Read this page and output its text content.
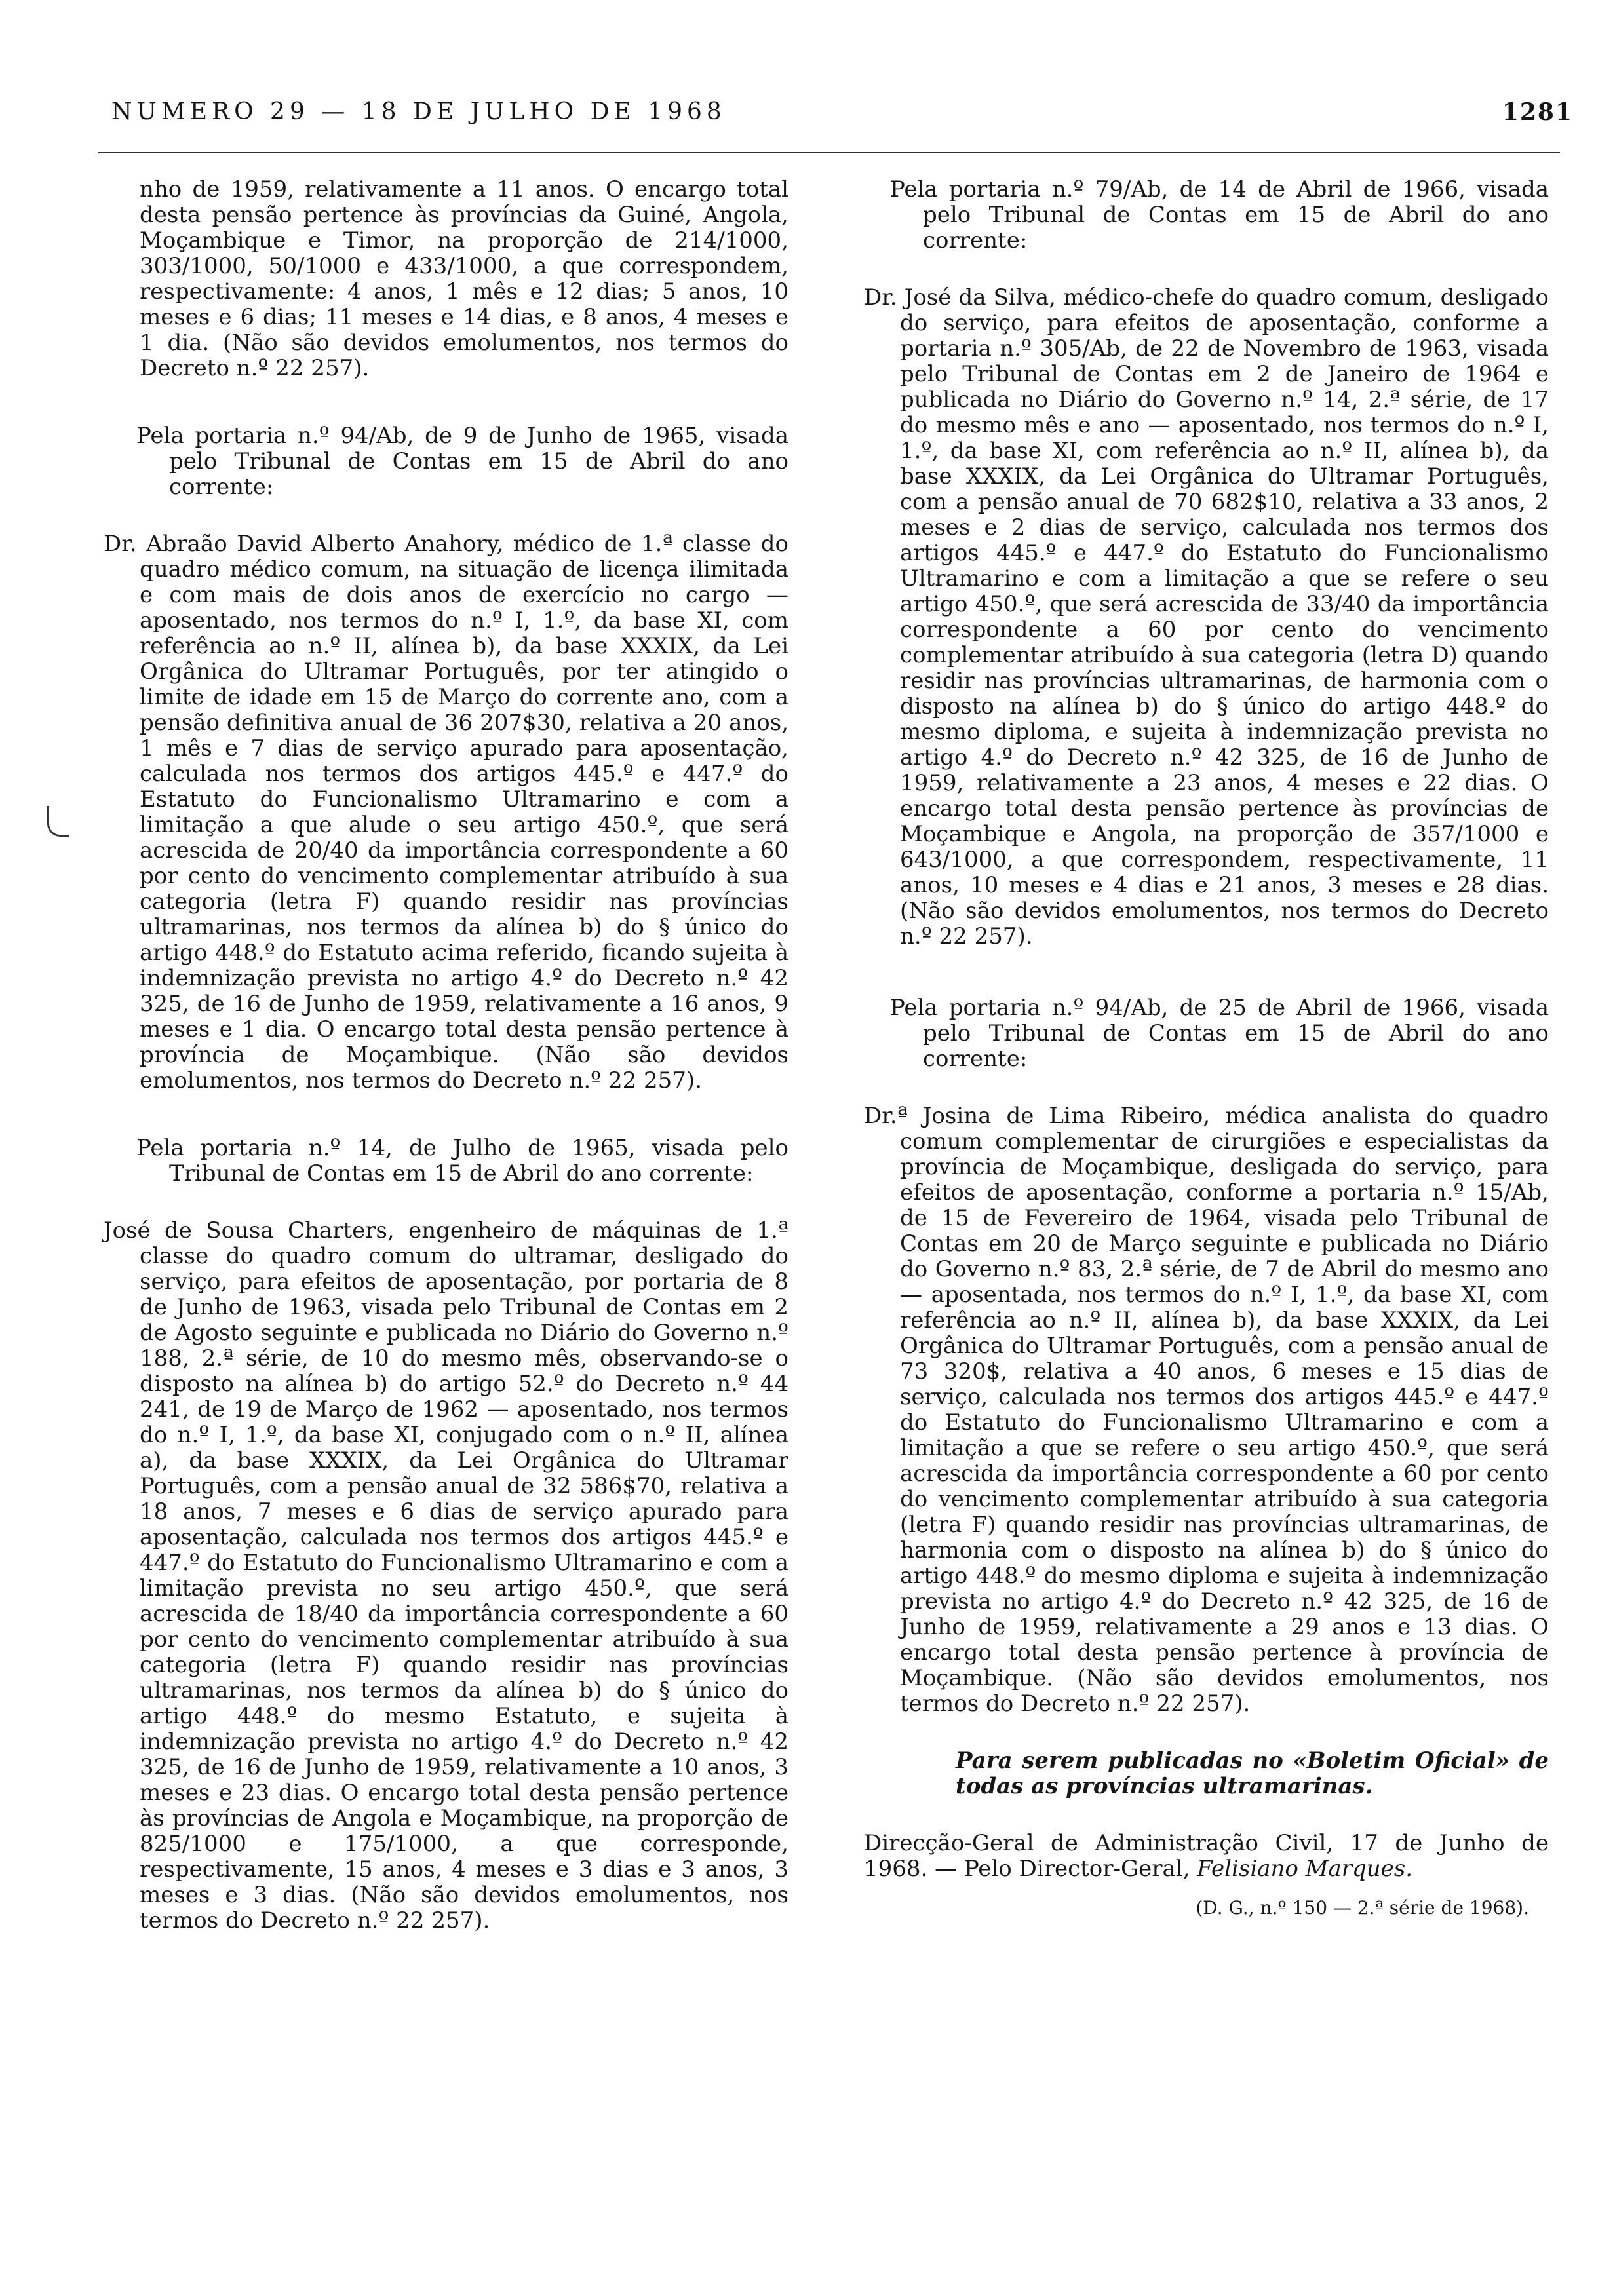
NUMERO 29 — 18 DE JULHO DE 1968	1281

nho de 1959, relativamente a 11 anos. O encargo total desta pensão pertence às províncias da Guiné, Angola, Moçambique e Timor, na proporção de 214/1000, 303/1000, 50/1000 e 433/1000, a que correspondem, respectivamente: 4 anos, 1 mês e 12 dias; 5 anos, 10 meses e 6 dias; 11 meses e 14 dias, e 8 anos, 4 meses e 1 dia. (Não são devidos emolumentos, nos termos do Decreto n.º 22 257).

Pela portaria n.º 94/Ab, de 9 de Junho de 1965, visada pelo Tribunal de Contas em 15 de Abril do ano corrente:

Dr. Abraão David Alberto Anahory, médico de 1.ª classe do quadro médico comum, na situação de licença ilimitada e com mais de dois anos de exercício no cargo — aposentado, nos termos do n.º I, 1.º, da base XI, com referência ao n.º II, alínea b), da base XXXIX, da Lei Orgânica do Ultramar Português, por ter atingido o limite de idade em 15 de Março do corrente ano, com a pensão definitiva anual de 36 207$30, relativa a 20 anos, 1 mês e 7 dias de serviço apurado para aposentação, calculada nos termos dos artigos 445.º e 447.º do Estatuto do Funcionalismo Ultramarino e com a limitação a que alude o seu artigo 450.º, que será acrescida de 20/40 da importância correspondente a 60 por cento do vencimento complementar atribuído à sua categoria (letra F) quando residir nas províncias ultramarinas, nos termos da alínea b) do § único do artigo 448.º do Estatuto acima referido, ficando sujeita à indemnização prevista no artigo 4.º do Decreto n.º 42 325, de 16 de Junho de 1959, relativamente a 16 anos, 9 meses e 1 dia. O encargo total desta pensão pertence à província de Moçambique. (Não são devidos emolumentos, nos termos do Decreto n.º 22 257).

Pela portaria n.º 14, de Julho de 1965, visada pelo Tribunal de Contas em 15 de Abril do ano corrente:

José de Sousa Charters, engenheiro de máquinas de 1.ª classe do quadro comum do ultramar, desligado do serviço, para efeitos de aposentação, por portaria de 8 de Junho de 1963, visada pelo Tribunal de Contas em 2 de Agosto seguinte e publicada no Diário do Governo n.º 188, 2.ª série, de 10 do mesmo mês, observando-se o disposto na alínea b) do artigo 52.º do Decreto n.º 44 241, de 19 de Março de 1962 — aposentado, nos termos do n.º I, 1.º, da base XI, conjugado com o n.º II, alínea a), da base XXXIX, da Lei Orgânica do Ultramar Português, com a pensão anual de 32 586$70, relativa a 18 anos, 7 meses e 6 dias de serviço apurado para aposentação, calculada nos termos dos artigos 445.º e 447.º do Estatuto do Funcionalismo Ultramarino e com a limitação prevista no seu artigo 450.º, que será acrescida de 18/40 da importância correspondente a 60 por cento do vencimento complementar atribuído à sua categoria (letra F) quando residir nas províncias ultramarinas, nos termos da alínea b) do § único do artigo 448.º do mesmo Estatuto, e sujeita à indemnização prevista no artigo 4.º do Decreto n.º 42 325, de 16 de Junho de 1959, relativamente a 10 anos, 3 meses e 23 dias. O encargo total desta pensão pertence às províncias de Angola e Moçambique, na proporção de 825/1000 e 175/1000, a que corresponde, respectivamente, 15 anos, 4 meses e 3 dias e 3 anos, 3 meses e 3 dias. (Não são devidos emolumentos, nos termos do Decreto n.º 22 257).

Pela portaria n.º 79/Ab, de 14 de Abril de 1966, visada pelo Tribunal de Contas em 15 de Abril do ano corrente:

Dr. José da Silva, médico-chefe do quadro comum, desligado do serviço, para efeitos de aposentação, conforme a portaria n.º 305/Ab, de 22 de Novembro de 1963, visada pelo Tribunal de Contas em 2 de Janeiro de 1964 e publicada no Diário do Governo n.º 14, 2.ª série, de 17 do mesmo mês e ano — aposentado, nos termos do n.º I, 1.º, da base XI, com referência ao n.º II, alínea b), da base XXXIX, da Lei Orgânica do Ultramar Português, com a pensão anual de 70 682$10, relativa a 33 anos, 2 meses e 2 dias de serviço, calculada nos termos dos artigos 445.º e 447.º do Estatuto do Funcionalismo Ultramarino e com a limitação a que se refere o seu artigo 450.º, que será acrescida de 33/40 da importância correspondente a 60 por cento do vencimento complementar atribuído à sua categoria (letra D) quando residir nas províncias ultramarinas, de harmonia com o disposto na alínea b) do § único do artigo 448.º do mesmo diploma, e sujeita à indemnização prevista no artigo 4.º do Decreto n.º 42 325, de 16 de Junho de 1959, relativamente a 23 anos, 4 meses e 22 dias. O encargo total desta pensão pertence às províncias de Moçambique e Angola, na proporção de 357/1000 e 643/1000, a que correspondem, respectivamente, 11 anos, 10 meses e 4 dias e 21 anos, 3 meses e 28 dias. (Não são devidos emolumentos, nos termos do Decreto n.º 22 257).

Pela portaria n.º 94/Ab, de 25 de Abril de 1966, visada pelo Tribunal de Contas em 15 de Abril do ano corrente:

Dr.ª Josina de Lima Ribeiro, médica analista do quadro comum complementar de cirurgiões e especialistas da província de Moçambique, desligada do serviço, para efeitos de aposentação, conforme a portaria n.º 15/Ab, de 15 de Fevereiro de 1964, visada pelo Tribunal de Contas em 20 de Março seguinte e publicada no Diário do Governo n.º 83, 2.ª série, de 7 de Abril do mesmo ano — aposentada, nos termos do n.º I, 1.º, da base XI, com referência ao n.º II, alínea b), da base XXXIX, da Lei Orgânica do Ultramar Português, com a pensão anual de 73 320$, relativa a 40 anos, 6 meses e 15 dias de serviço, calculada nos termos dos artigos 445.º e 447.º do Estatuto do Funcionalismo Ultramarino e com a limitação a que se refere o seu artigo 450.º, que será acrescida da importância correspondente a 60 por cento do vencimento complementar atribuído à sua categoria (letra F) quando residir nas províncias ultramarinas, de harmonia com o disposto na alínea b) do § único do artigo 448.º do mesmo diploma e sujeita à indemnização prevista no artigo 4.º do Decreto n.º 42 325, de 16 de Junho de 1959, relativamente a 29 anos e 13 dias. O encargo total desta pensão pertence à província de Moçambique. (Não são devidos emolumentos, nos termos do Decreto n.º 22 257).

Para serem publicadas no «Boletim Oficial» de todas as províncias ultramarinas.

Direcção-Geral de Administração Civil, 17 de Junho de 1968. — Pelo Director-Geral, Felisiano Marques.

(D. G., n.º 150 — 2.ª série de 1968).
